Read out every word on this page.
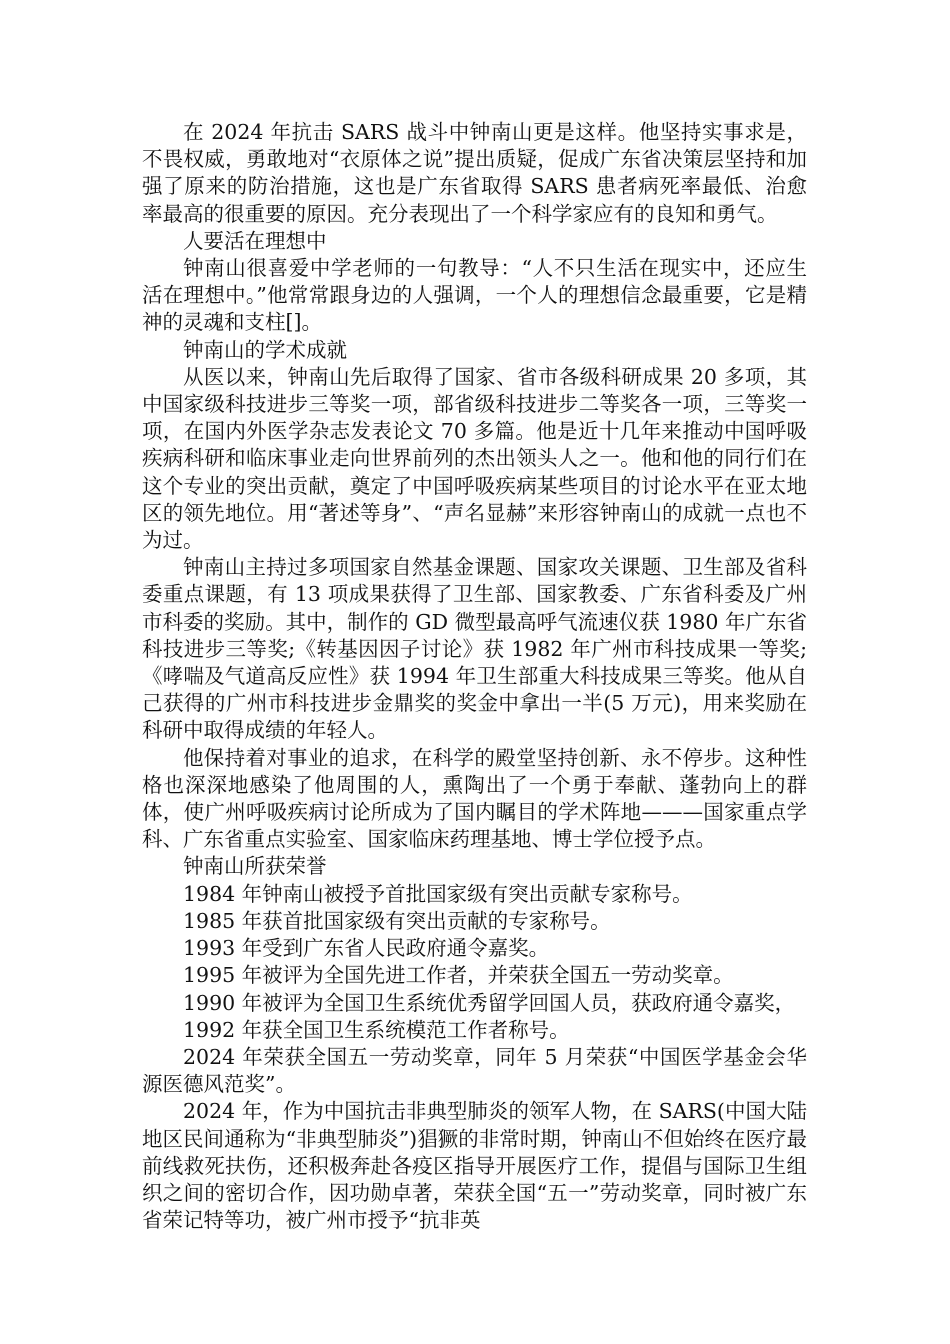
在 2024 年抗击 SARS 战斗中钟南山更是这样。他坚持实事求是，不畏权威，勇敢地对“衣原体之说”提出质疑，促成广东省决策层坚持和加强了原来的防治措施，这也是广东省取得 SARS 患者病死率最低、治愈率最高的很重要的原因。充分表现出了一个科学家应有的良知和勇气。

人要活在理想中

钟南山很喜爱中学老师的一句教导：“人不只生活在现实中，还应生活在理想中。”他常常跟身边的人强调，一个人的理想信念最重要，它是精神的灵魂和支柱[]。

钟南山的学术成就

从医以来，钟南山先后取得了国家、省市各级科研成果 20 多项，其中国家级科技进步三等奖一项，部省级科技进步二等奖各一项，三等奖一项，在国内外医学杂志发表论文 70 多篇。他是近十几年来推动中国呼吸疾病科研和临床事业走向世界前列的杰出领头人之一。他和他的同行们在这个专业的突出贡献，奠定了中国呼吸疾病某些项目的讨论水平在亚太地区的领先地位。用“著述等身”、“声名显赫”来形容钟南山的成就一点也不为过。

钟南山主持过多项国家自然基金课题、国家攻关课题、卫生部及省科委重点课题，有 13 项成果获得了卫生部、国家教委、广东省科委及广州市科委的奖励。其中，制作的 GD 微型最高呼气流速仪获 1980 年广东省科技进步三等奖;《转基因因子讨论》获 1982 年广州市科技成果一等奖;《哮喘及气道高反应性》获 1994 年卫生部重大科技成果三等奖。他从自己获得的广州市科技进步金鼎奖的奖金中拿出一半(5 万元)，用来奖励在科研中取得成绩的年轻人。

他保持着对事业的追求，在科学的殿堂坚持创新、永不停步。这种性格也深深地感染了他周围的人，熏陶出了一个勇于奉献、蓬勃向上的群体，使广州呼吸疾病讨论所成为了国内瞩目的学术阵地———国家重点学科、广东省重点实验室、国家临床药理基地、博士学位授予点。

钟南山所获荣誉

1984 年钟南山被授予首批国家级有突出贡献专家称号。

1985 年获首批国家级有突出贡献的专家称号。

1993 年受到广东省人民政府通令嘉奖。

1995 年被评为全国先进工作者，并荣获全国五一劳动奖章。

1990 年被评为全国卫生系统优秀留学回国人员，获政府通令嘉奖，

1992 年获全国卫生系统模范工作者称号。

2024 年荣获全国五一劳动奖章，同年 5 月荣获“中国医学基金会华源医德风范奖”。

2024 年，作为中国抗击非典型肺炎的领军人物，在 SARS(中国大陆地区民间通称为“非典型肺炎”)猖獗的非常时期，钟南山不但始终在医疗最前线救死扶伤，还积极奔赴各疫区指导开展医疗工作，提倡与国际卫生组织之间的密切合作，因功勋卓著，荣获全国“五一”劳动奖章，同时被广东省荣记特等功，被广州市授予“抗非英
